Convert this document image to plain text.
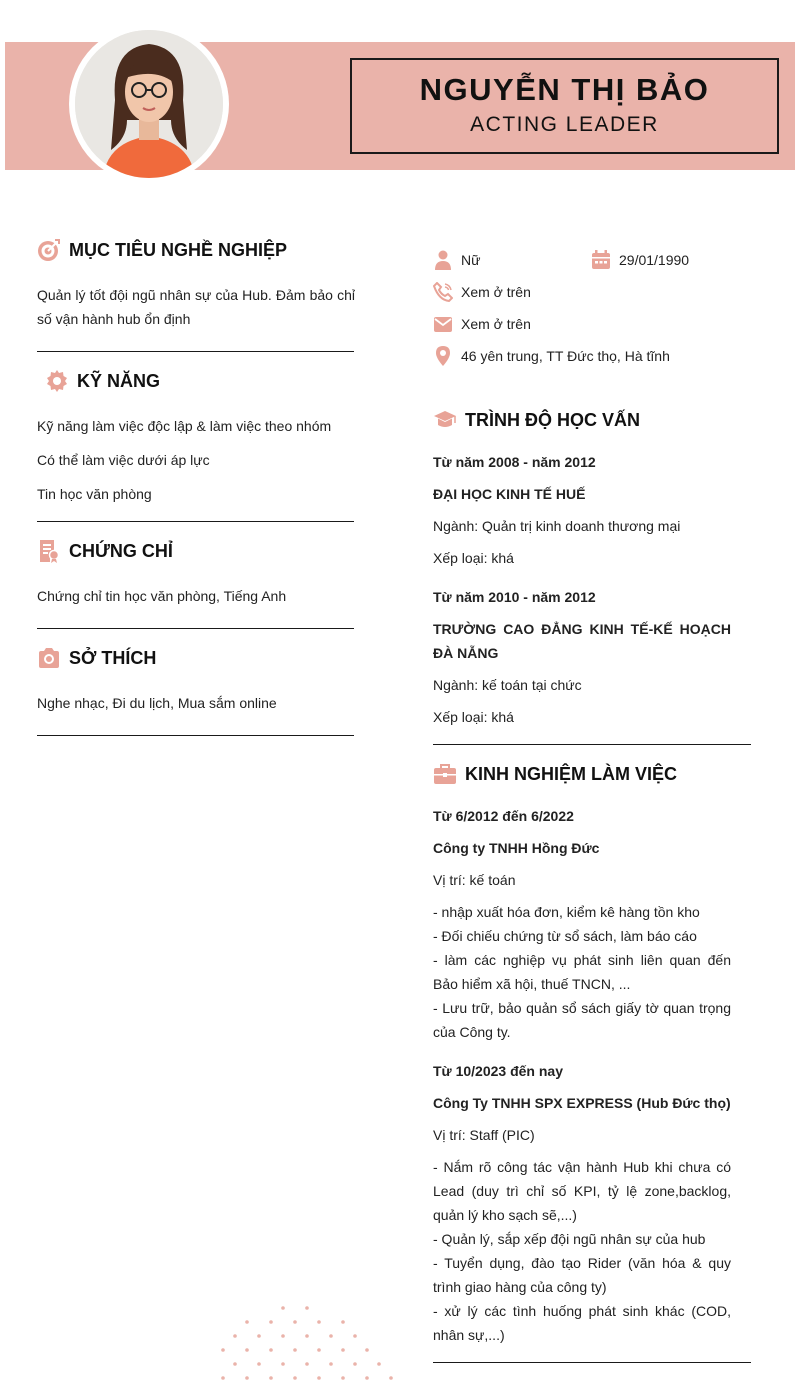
NGUYỄN THỊ BẢO
ACTING LEADER
MỤC TIÊU NGHỀ NGHIỆP
Quản lý tốt đội ngũ nhân sự của Hub. Đảm bảo chỉ số vận hành hub ổn định
KỸ NĂNG
Kỹ năng làm việc độc lập & làm việc theo nhóm
Có thể làm việc dưới áp lực
Tin học văn phòng
CHỨNG CHỈ
Chứng chỉ tin học văn phòng, Tiếng Anh
SỞ THÍCH
Nghe nhạc, Đi du lịch, Mua sắm online
Nữ	29/01/1990
Xem ở trên
Xem ở trên
46 yên trung, TT Đức thọ, Hà tĩnh
TRÌNH ĐỘ HỌC VẤN
Từ năm 2008 - năm 2012
ĐẠI HỌC KINH TẾ HUẾ
Ngành: Quản trị kinh doanh thương mại
Xếp loại: khá
Từ năm 2010 - năm 2012
TRƯỜNG CAO ĐẲNG KINH TẾ-KẾ HOẠCH ĐÀ NẴNG
Ngành: kế toán tại chức
Xếp loại: khá
KINH NGHIỆM LÀM VIỆC
Từ 6/2012 đến 6/2022
Công ty TNHH Hồng Đức
Vị trí: kế toán
- nhập xuất hóa đơn, kiểm kê hàng tồn kho
- Đối chiếu chứng từ sổ sách, làm báo cáo
- làm các nghiệp vụ phát sinh liên quan đến Bảo hiểm xã hội, thuế TNCN, ...
- Lưu trữ, bảo quản sổ sách giấy tờ quan trọng của Công ty.
Từ 10/2023 đến nay
Công Ty TNHH SPX EXPRESS (Hub Đức thọ)
Vị trí: Staff (PIC)
- Nắm rõ công tác vận hành Hub khi chưa có Lead (duy trì chỉ số KPI, tỷ lệ zone,backlog, quản lý kho sạch sẽ,...)
- Quản lý, sắp xếp đội ngũ nhân sự của hub
- Tuyển dụng, đào tạo Rider (văn hóa & quy trình giao hàng của công ty)
- xử lý các tình huống phát sinh khác (COD, nhân sự,...)
